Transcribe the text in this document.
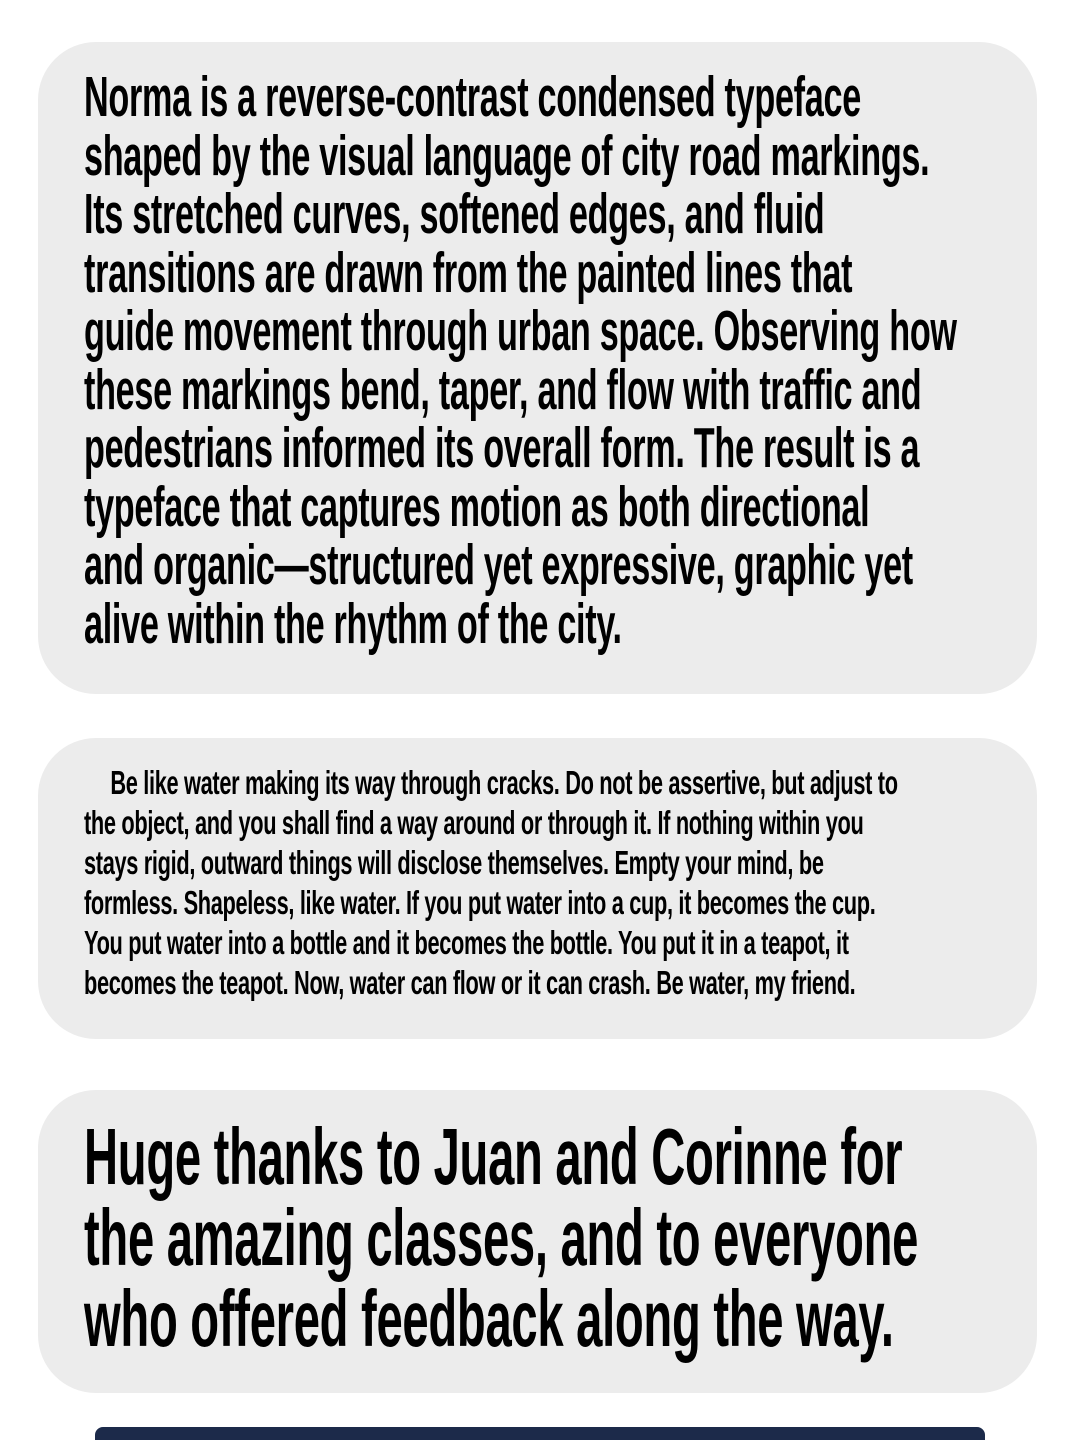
Norma is a reverse-contrast condensed typeface
shaped by the visual language of city road markings.
Its stretched curves, softened edges, and fluid
transitions are drawn from the painted lines that
guide movement through urban space. Observing how
these markings bend, taper, and flow with traffic and
pedestrians informed its overall form. The result is a
typeface that captures motion as both directional
and organic—structured yet expressive, graphic yet
alive within the rhythm of the city.
Be like water making its way through cracks. Do not be assertive, but adjust to
the object, and you shall find a way around or through it. If nothing within you
stays rigid, outward things will disclose themselves. Empty your mind, be
formless. Shapeless, like water. If you put water into a cup, it becomes the cup.
You put water into a bottle and it becomes the bottle. You put it in a teapot, it
becomes the teapot. Now, water can flow or it can crash. Be water, my friend.
Huge thanks to Juan and Corinne for
the amazing classes, and to everyone
who offered feedback along the way.
